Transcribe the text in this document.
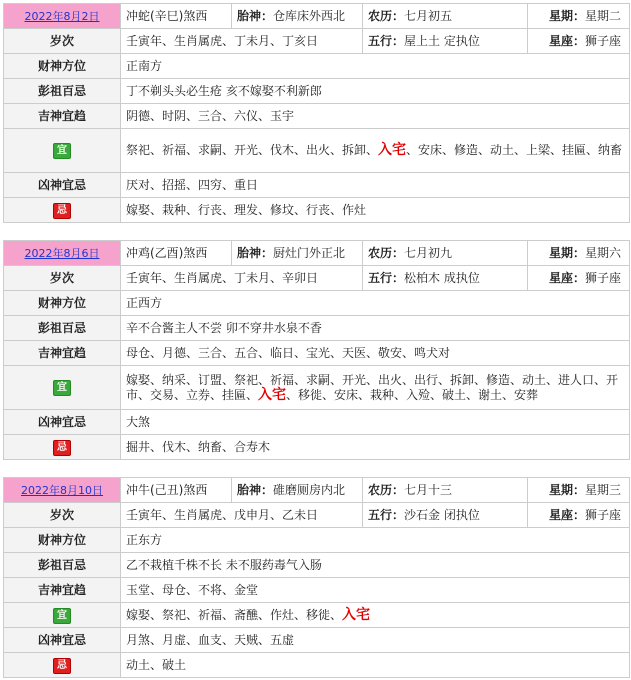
2022年8月2日	冲蛇(辛巳)煞西	胎神：仓库床外西北	农历：七月初五	星期：星期二
岁次	壬寅年、生肖属虎、丁未月、丁亥日		五行：屋上土 定执位	星座：狮子座
财神方位	正南方			
彭祖百忌	丁不剃头头必生疮 亥不嫁娶不利新郎			
吉神宜趋	阴德、时阴、三合、六仪、玉宇			
宜	祭祀、祈福、求嗣、开光、伐木、出火、拆卸、入宅、安床、修造、动土、上梁、挂匾、纳畜			
凶神宜忌	厌对、招摇、四穷、重日			
忌	嫁娶、栽种、行丧、理发、修坟、行丧、作灶			
2022年8月6日	冲鸡(乙酉)煞西	胎神：厨灶门外正北	农历：七月初九	星期：星期六
岁次	壬寅年、生肖属虎、丁未月、辛卯日		五行：松柏木 成执位	星座：狮子座
财神方位	正西方			
彭祖百忌	辛不合酱主人不尝 卯不穿井水泉不香			
吉神宜趋	母仓、月德、三合、五合、临日、宝光、天医、敬安、鸣犬对			
宜	嫁娶、纳采、订盟、祭祀、祈福、求嗣、开光、出火、出行、拆卸、修造、动土、进人口、开市、交易、立券、挂匾、入宅、移徙、安床、栽种、入殓、破土、谢土、安葬			
凶神宜忌	大煞			
忌	掘井、伐木、纳畜、合寿木			
2022年8月10日	冲牛(己丑)煞西	胎神：碓磨厕房内北	农历：七月十三	星期：星期三
岁次	壬寅年、生肖属虎、戊申月、乙未日		五行：沙石金 闭执位	星座：狮子座
财神方位	正东方			
彭祖百忌	乙不栽植千株不长 未不服药毒气入肠			
吉神宜趋	玉堂、母仓、不将、金堂			
宜	嫁娶、祭祀、祈福、斋醮、作灶、移徙、入宅			
凶神宜忌	月煞、月虚、血支、天贼、五虚			
忌	动土、破土			
